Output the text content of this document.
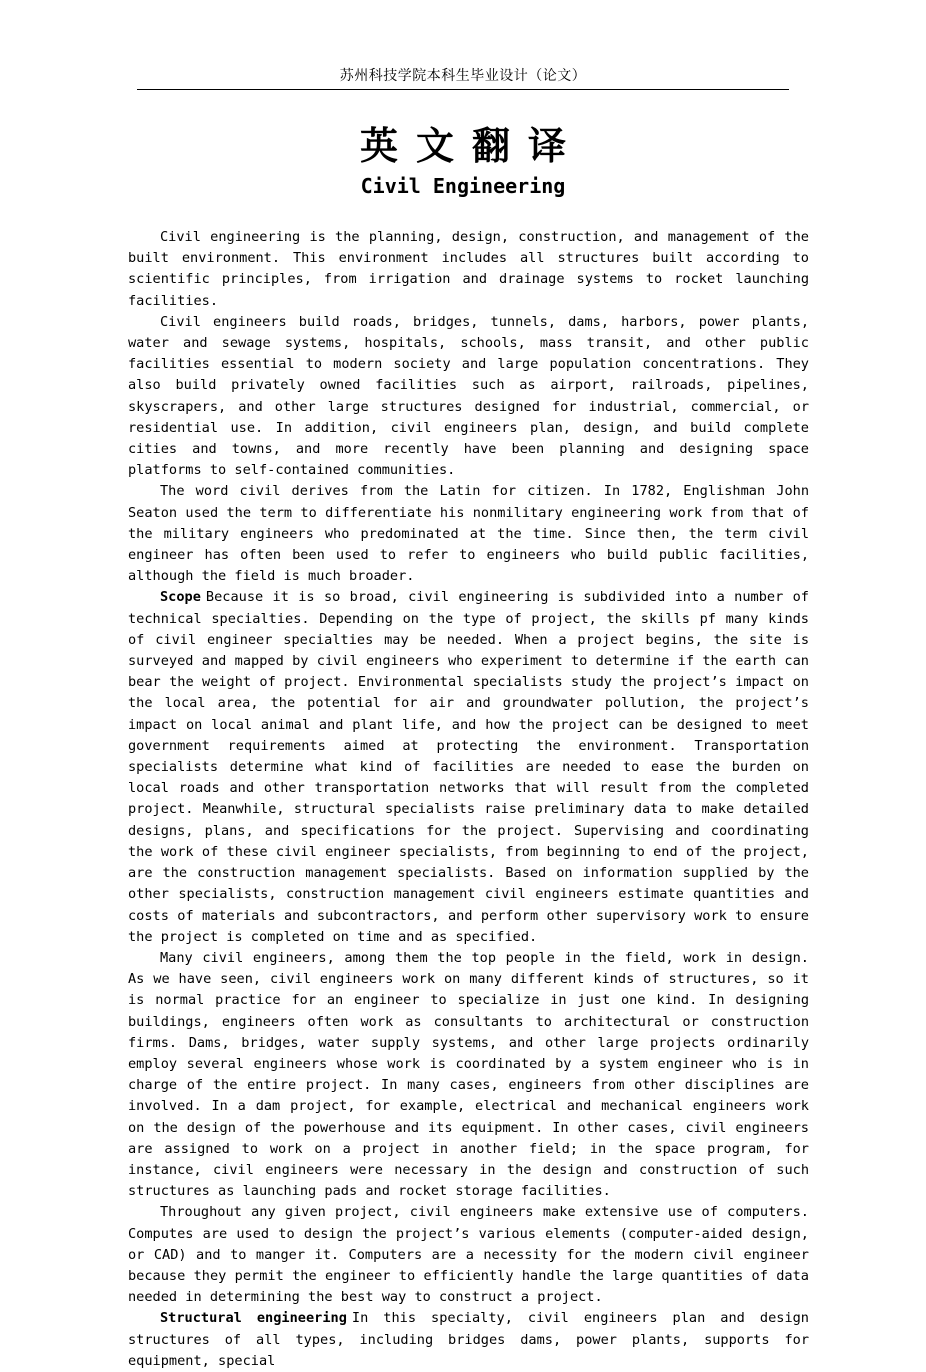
苏州科技学院本科生毕业设计（论文）
英文翻译
Civil Engineering

Civil engineering is the planning, design, construction, and management of the built environment. This environment includes all structures built according to scientific principles, from irrigation and drainage systems to rocket launching facilities.

Civil engineers build roads, bridges, tunnels, dams, harbors, power plants, water and sewage systems, hospitals, schools, mass transit, and other public facilities essential to modern society and large population concentrations. They also build privately owned facilities such as airport, railroads, pipelines, skyscrapers, and other large structures designed for industrial, commercial, or residential use. In addition, civil engineers plan, design, and build complete cities and towns, and more recently have been planning and designing space platforms to self-contained communities.

The word civil derives from the Latin for citizen. In 1782, Englishman John Seaton used the term to differentiate his nonmilitary engineering work from that of the military engineers who predominated at the time. Since then, the term civil engineer has often been used to refer to engineers who build public facilities, although the field is much broader.

Scope Because it is so broad, civil engineering is subdivided into a number of technical specialties. Depending on the type of project, the skills pf many kinds of civil engineer specialties may be needed. When a project begins, the site is surveyed and mapped by civil engineers who experiment to determine if the earth can bear the weight of project. Environmental specialists study the project’s impact on the local area, the potential for air and groundwater pollution, the project’s impact on local animal and plant life, and how the project can be designed to meet government requirements aimed at protecting the environment. Transportation specialists determine what kind of facilities are needed to ease the burden on local roads and other transportation networks that will result from the completed project. Meanwhile, structural specialists raise preliminary data to make detailed designs, plans, and specifications for the project. Supervising and coordinating the work of these civil engineer specialists, from beginning to end of the project, are the construction management specialists. Based on information supplied by the other specialists, construction management civil engineers estimate quantities and costs of materials and subcontractors, and perform other supervisory work to ensure the project is completed on time and as specified.

Many civil engineers, among them the top people in the field, work in design. As we have seen, civil engineers work on many different kinds of structures, so it is normal practice for an engineer to specialize in just one kind. In designing buildings, engineers often work as consultants to architectural or construction firms. Dams, bridges, water supply systems, and other large projects ordinarily employ several engineers whose work is coordinated by a system engineer who is in charge of the entire project. In many cases, engineers from other disciplines are involved. In a dam project, for example, electrical and mechanical engineers work on the design of the powerhouse and its equipment. In other cases, civil engineers are assigned to work on a project in another field; in the space program, for instance, civil engineers were necessary in the design and construction of such structures as launching pads and rocket storage facilities.

Throughout any given project, civil engineers make extensive use of computers. Computes are used to design the project’s various elements (computer-aided design, or CAD) and to manger it. Computers are a necessity for the modern civil engineer because they permit the engineer to efficiently handle the large quantities of data needed in determining the best way to construct a project.

Structural engineering In this specialty, civil engineers plan and design structures of all types, including bridges dams, power plants, supports for equipment, special
